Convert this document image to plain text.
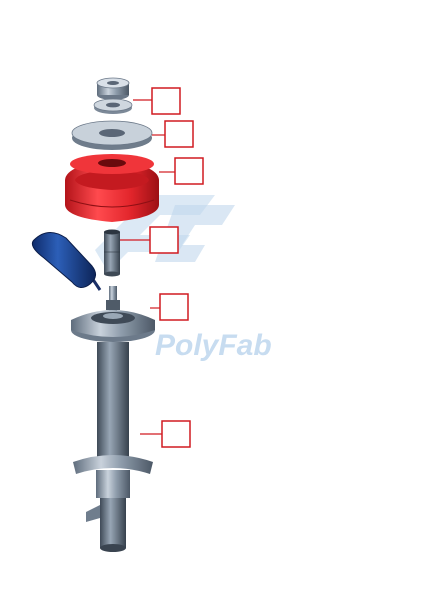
PolyFab
